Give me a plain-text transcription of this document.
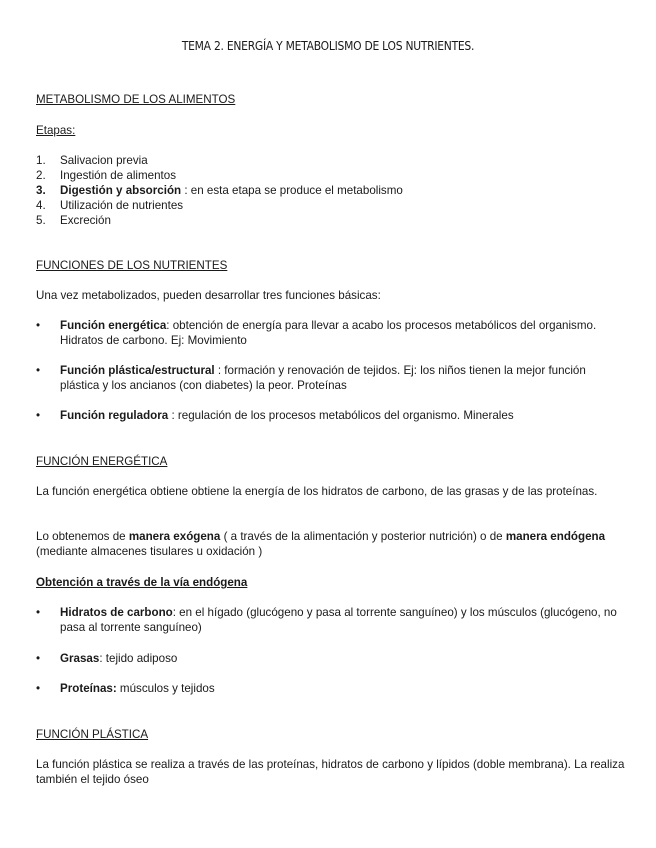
TEMA 2. ENERGÍA Y METABOLISMO DE LOS NUTRIENTES.
METABOLISMO DE LOS ALIMENTOS
Etapas:
1. Salivacion previa
2. Ingestión de alimentos
3. Digestión y absorción : en esta etapa se produce el metabolismo
4. Utilización de nutrientes
5. Excreción
FUNCIONES DE LOS NUTRIENTES
Una vez metabolizados, pueden desarrollar tres funciones básicas:
• Función energética: obtención de energía para llevar a acabo los procesos metabólicos del organismo. Hidratos de carbono. Ej: Movimiento
• Función plástica/estructural : formación y renovación de tejidos. Ej: los niños tienen la mejor función plástica y los ancianos (con diabetes) la peor. Proteínas
• Función reguladora : regulación de los procesos metabólicos del organismo. Minerales
FUNCIÓN ENERGÉTICA
La función energética obtiene obtiene la energía de los hidratos de carbono, de las grasas y de las proteínas.
Lo obtenemos de manera exógena ( a través de la alimentación y posterior nutrición) o de manera endógena (mediante almacenes tisulares u oxidación )
Obtención a través de la vía endógena
• Hidratos de carbono: en el hígado (glucógeno y pasa al torrente sanguíneo) y los músculos (glucógeno, no pasa al torrente sanguíneo)
• Grasas: tejido adiposo
• Proteínas: músculos y tejidos
FUNCIÓN PLÁSTICA
La función plástica se realiza a través de las proteínas, hidratos de carbono y lípidos (doble membrana). La realiza también el tejido óseo
